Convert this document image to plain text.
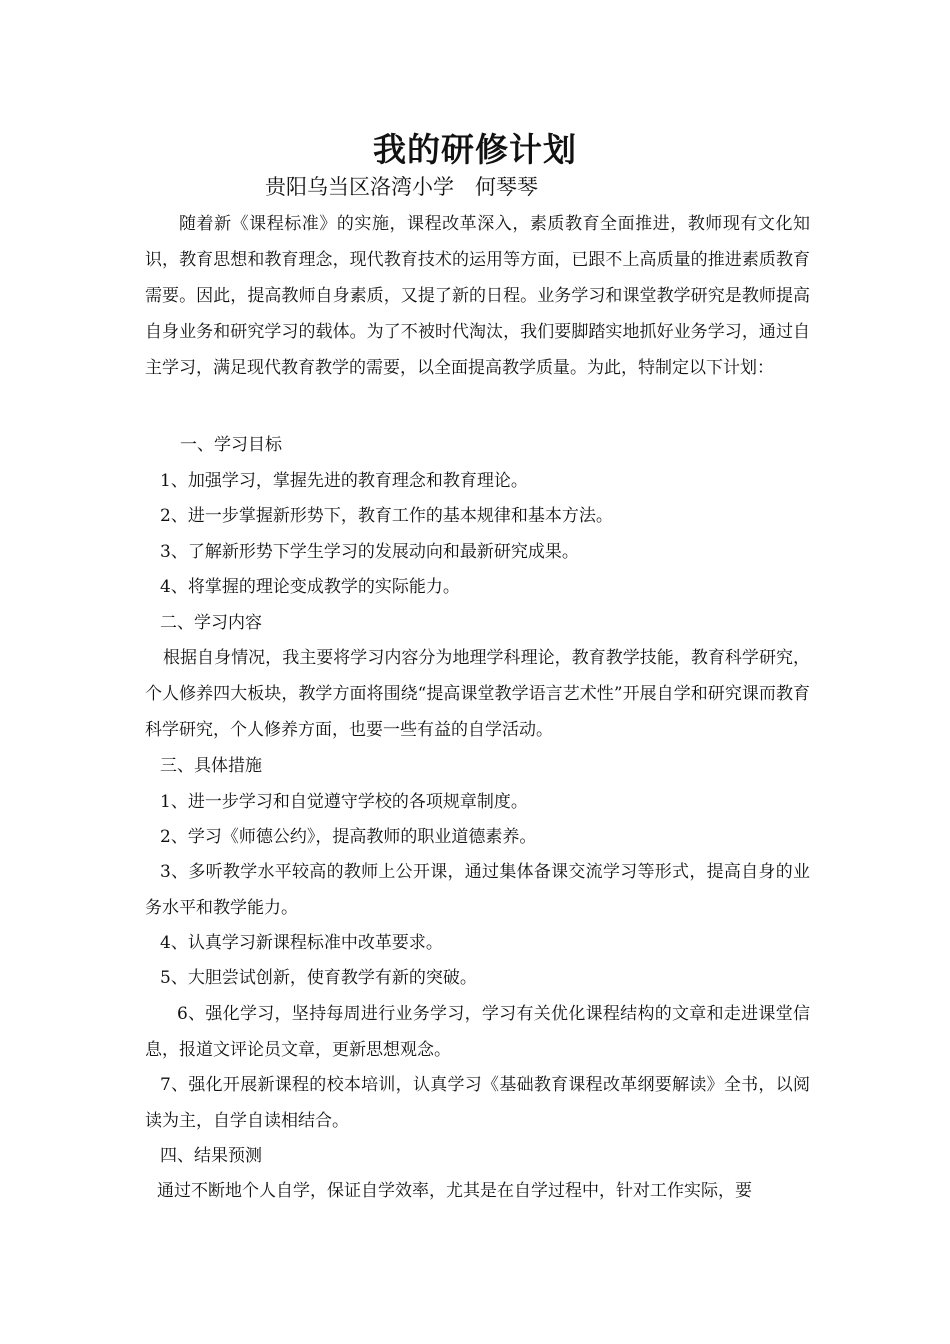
我的研修计划
贵阳乌当区洛湾小学　何琴琴
随着新《课程标准》的实施，课程改革深入，素质教育全面推进，教师现有文化知识，教育思想和教育理念，现代教育技术的运用等方面，已跟不上高质量的推进素质教育需要。因此，提高教师自身素质，又提了新的日程。业务学习和课堂教学研究是教师提高自身业务和研究学习的载体。为了不被时代淘汰，我们要脚踏实地抓好业务学习，通过自主学习，满足现代教育教学的需要，以全面提高教学质量。为此，特制定以下计划：
一、学习目标
1、加强学习，掌握先进的教育理念和教育理论。
2、进一步掌握新形势下，教育工作的基本规律和基本方法。
3、了解新形势下学生学习的发展动向和最新研究成果。
4、将掌握的理论变成教学的实际能力。
二、学习内容
根据自身情况，我主要将学习内容分为地理学科理论，教育教学技能，教育科学研究，个人修养四大板块，教学方面将围绕“提高课堂教学语言艺术性”开展自学和研究课而教育科学研究，个人修养方面，也要一些有益的自学活动。
三、具体措施
1、进一步学习和自觉遵守学校的各项规章制度。
2、学习《师德公约》，提高教师的职业道德素养。
3、多听教学水平较高的教师上公开课，通过集体备课交流学习等形式，提高自身的业务水平和教学能力。
4、认真学习新课程标准中改革要求。
5、大胆尝试创新，使育教学有新的突破。
6、强化学习，坚持每周进行业务学习，学习有关优化课程结构的文章和走进课堂信息，报道文评论员文章，更新思想观念。
7、强化开展新课程的校本培训，认真学习《基础教育课程改革纲要解读》全书，以阅读为主，自学自读相结合。
四、结果预测
通过不断地个人自学，保证自学效率，尤其是在自学过程中，针对工作实际，要
